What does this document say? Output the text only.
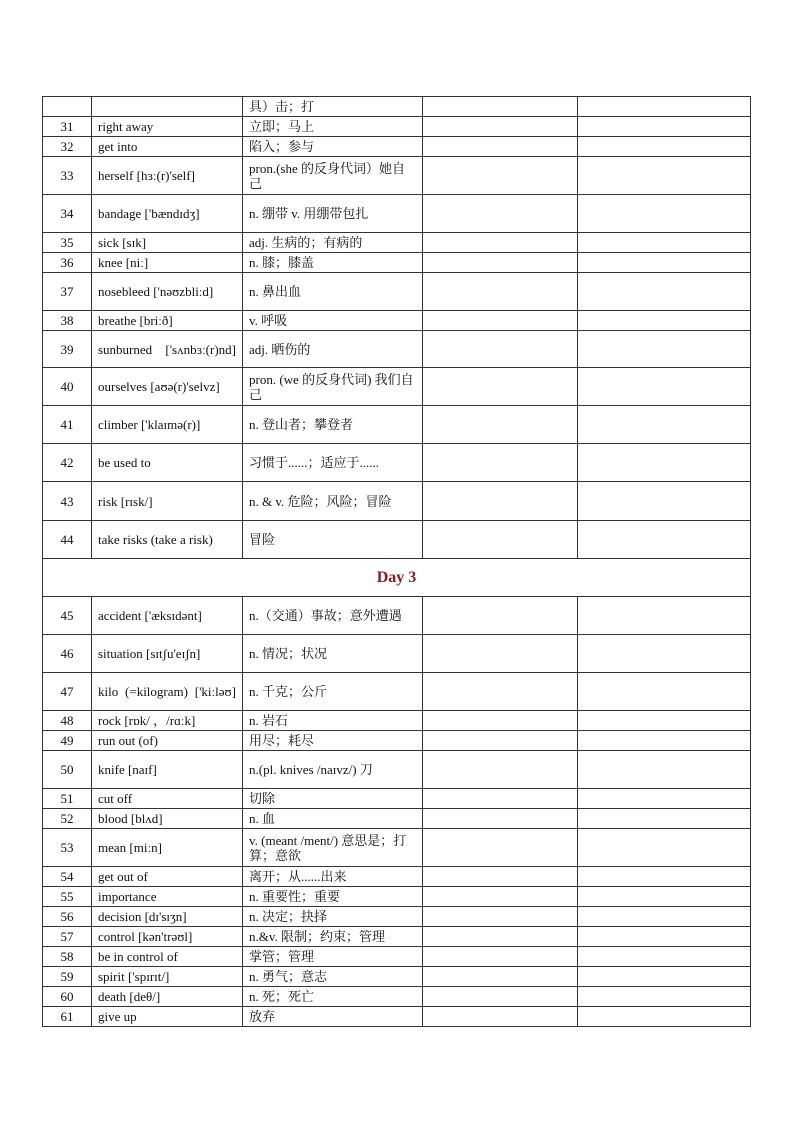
		具）击；打		
31	right away	立即；马上		
32	get into	陷入；参与		
33	herself [hɜː(r)'self]	pron.(she 的反身代词）她自己		
34	bandage ['bændɪdʒ]	n. 绷带 v. 用绷带包扎		
35	sick [sɪk]	adj. 生病的；有病的		
36	knee [niː]	n. 膝；膝盖		
37	nosebleed ['nəʊzbliːd]	n. 鼻出血		
38	breathe [briːð]	v. 呼吸		
39	sunburned ['sʌnbɜː(r)nd]	adj. 晒伤的		
40	ourselves [aʊə(r)'selvz]	pron. (we 的反身代词) 我们自己		
41	climber ['klaɪmə(r)]	n. 登山者；攀登者		
42	be used to	习惯于......；适应于......		
43	risk [rɪsk/]	n. & v. 危险；风险；冒险		
44	take risks (take a risk)	冒险		
Day 3				
45	accident ['æksɪdənt]	n.（交通）事故；意外遭遇		
46	situation [sɪtʃu'eɪʃn]	n. 情况；状况		
47	kilo (=kilogram) ['kiːləʊ]	n. 千克；公斤		
48	rock [rɒk/ ，/rɑːk]	n. 岩石		
49	run out (of)	用尽；耗尽		
50	knife [naɪf]	n.(pl. knives /naɪvz/) 刀		
51	cut off	切除		
52	blood [blʌd]	n. 血		
53	mean [miːn]	v. (meant /ment/) 意思是；打算；意欲		
54	get out of	离开；从......出来		
55	importance	n. 重要性；重要		
56	decision [dɪ'sɪʒn]	n. 决定；抉择		
57	control [kən'trəʊl]	n.&v. 限制；约束；管理		
58	be in control of	掌管；管理		
59	spirit ['spɪrɪt/]	n. 勇气；意志		
60	death [deθ/]	n. 死；死亡		
61	give up	放弃		
